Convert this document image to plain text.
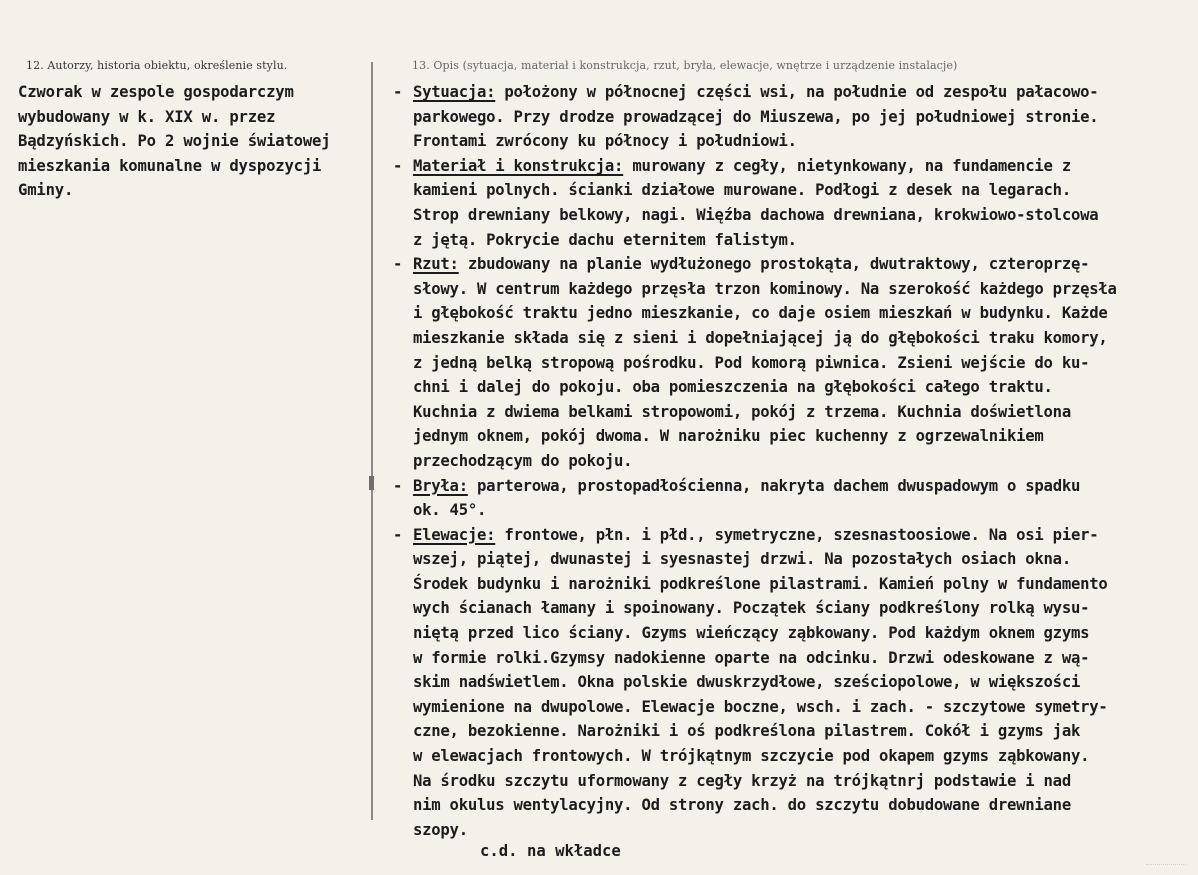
12. Autorzy, historia obiektu, określenie stylu.	13. Opis (sytuacja, materiał i konstrukcja, rzut, bryła, elewacje, wnętrze i urządzenie instalacje)
Czworak w zespole gospodarczym
wybudowany w k. XIX w. przez
Bądzyńskich. Po 2 wojnie światowej
mieszkania komunalne w dyspozycji
Gminy.
- Sytuacja: położony w północnej części wsi, na południe od zespołu pałacowo-
parkowego. Przy drodze prowadzącej do Miuszewa, po jej południowej stronie.
Frontami zwrócony ku północy i południowi.
- Materiał i konstrukcja: murowany z cegły, nietynkowany, na fundamencie z
kamieni polnych. ścianki działowe murowane. Podłogi z desek na legarach.
Strop drewniany belkowy, nagi. Więźba dachowa drewniana, krokwiowo-stolcowa
z jętą. Pokrycie dachu eternitem falistym.
- Rzut: zbudowany na planie wydłużonego prostokąta, dwutraktowy, czteroprzę-
słowy. W centrum każdego przęsła trzon kominowy. Na szerokość każdego przęsła
i głębokość traktu jedno mieszkanie, co daje osiem mieszkań w budynku. Każde
mieszkanie składa się z sieni i dopełniającej ją do głębokości traku komory,
z jedną belką stropową pośrodku. Pod komorą piwnica. Zsieni wejście do ku-
chni i dalej do pokoju. oba pomieszczenia na głębokości całego traktu.
Kuchnia z dwiema belkami stropowomi, pokój z trzema. Kuchnia doświetlona
jednym oknem, pokój dwoma. W narożniku piec kuchenny z ogrzewalnikiem
przechodzącym do pokoju.
- Bryła: parterowa, prostopadłościenna, nakryta dachem dwuspadowym o spadku
ok. 45°.
- Elewacje: frontowe, płn. i płd., symetryczne, szesnastoosiowe. Na osi pier-
wszej, piątej, dwunastej i syesnastej drzwi. Na pozostałych osiach okna.
Środek budynku i narożniki podkreślone pilastrami. Kamień polny w fundamento
wych ścianach łamany i spoinowany. Początek ściany podkreślony rolką wysu-
niętą przed lico ściany. Gzyms wieńczący ząbkowany. Pod każdym oknem gzyms
w formie rolki.Gzymsy nadokienne oparte na odcinku. Drzwi odeskowane z wą-
skim nadświetlem. Okna polskie dwuskrzydłowe, sześciopolowe, w większości
wymienione na dwupolowe. Elewacje boczne, wsch. i zach. - szczytowe symetry-
czne, bezokienne. Narożniki i oś podkreślona pilastrem. Cokół i gzyms jak
w elewacjach frontowych. W trójkątnym szczycie pod okapem gzyms ząbkowany.
Na środku szczytu uformowany z cegły krzyż na trójkątnrj podstawie i nad
nim okulus wentylacyjny. Od strony zach. do szczytu dobudowane drewniane
szopy.
c.d. na wkładce
